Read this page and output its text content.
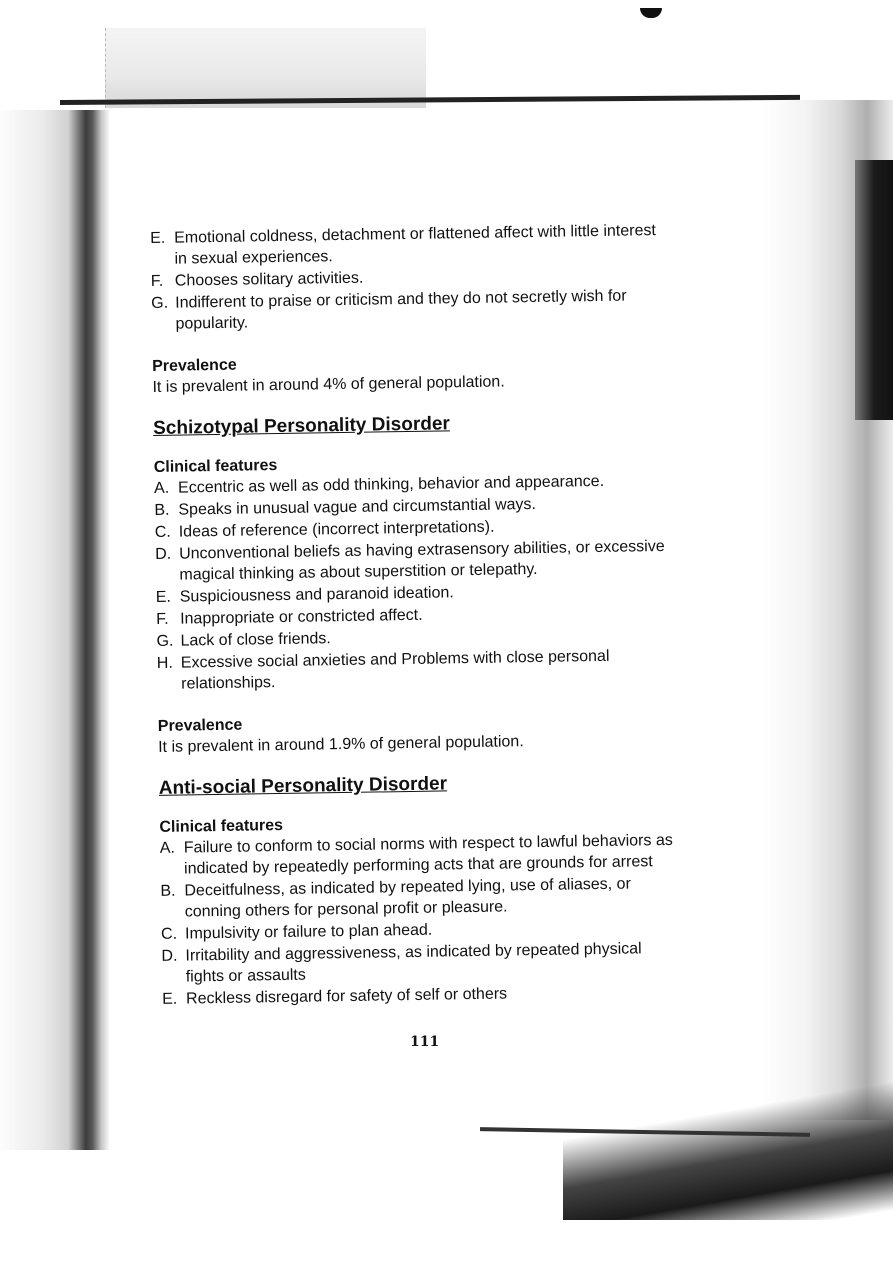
E. Emotional coldness, detachment or flattened affect with little interest in sexual experiences.
F. Chooses solitary activities.
G. Indifferent to praise or criticism and they do not secretly wish for popularity.

Prevalence

It is prevalent in around 4% of general population.

Schizotypal Personality Disorder

Clinical features

A. Eccentric as well as odd thinking, behavior and appearance.
B. Speaks in unusual vague and circumstantial ways.
C. Ideas of reference (incorrect interpretations).
D. Unconventional beliefs as having extrasensory abilities, or excessive magical thinking as about superstition or telepathy.
E. Suspiciousness and paranoid ideation.
F. Inappropriate or constricted affect.
G. Lack of close friends.
H. Excessive social anxieties and Problems with close personal relationships.

Prevalence

It is prevalent in around 1.9% of general population.

Anti-social Personality Disorder

Clinical features

A. Failure to conform to social norms with respect to lawful behaviors as indicated by repeatedly performing acts that are grounds for arrest
B. Deceitfulness, as indicated by repeated lying, use of aliases, or conning others for personal profit or pleasure.
C. Impulsivity or failure to plan ahead.
D. Irritability and aggressiveness, as indicated by repeated physical fights or assaults
E. Reckless disregard for safety of self or others
111
